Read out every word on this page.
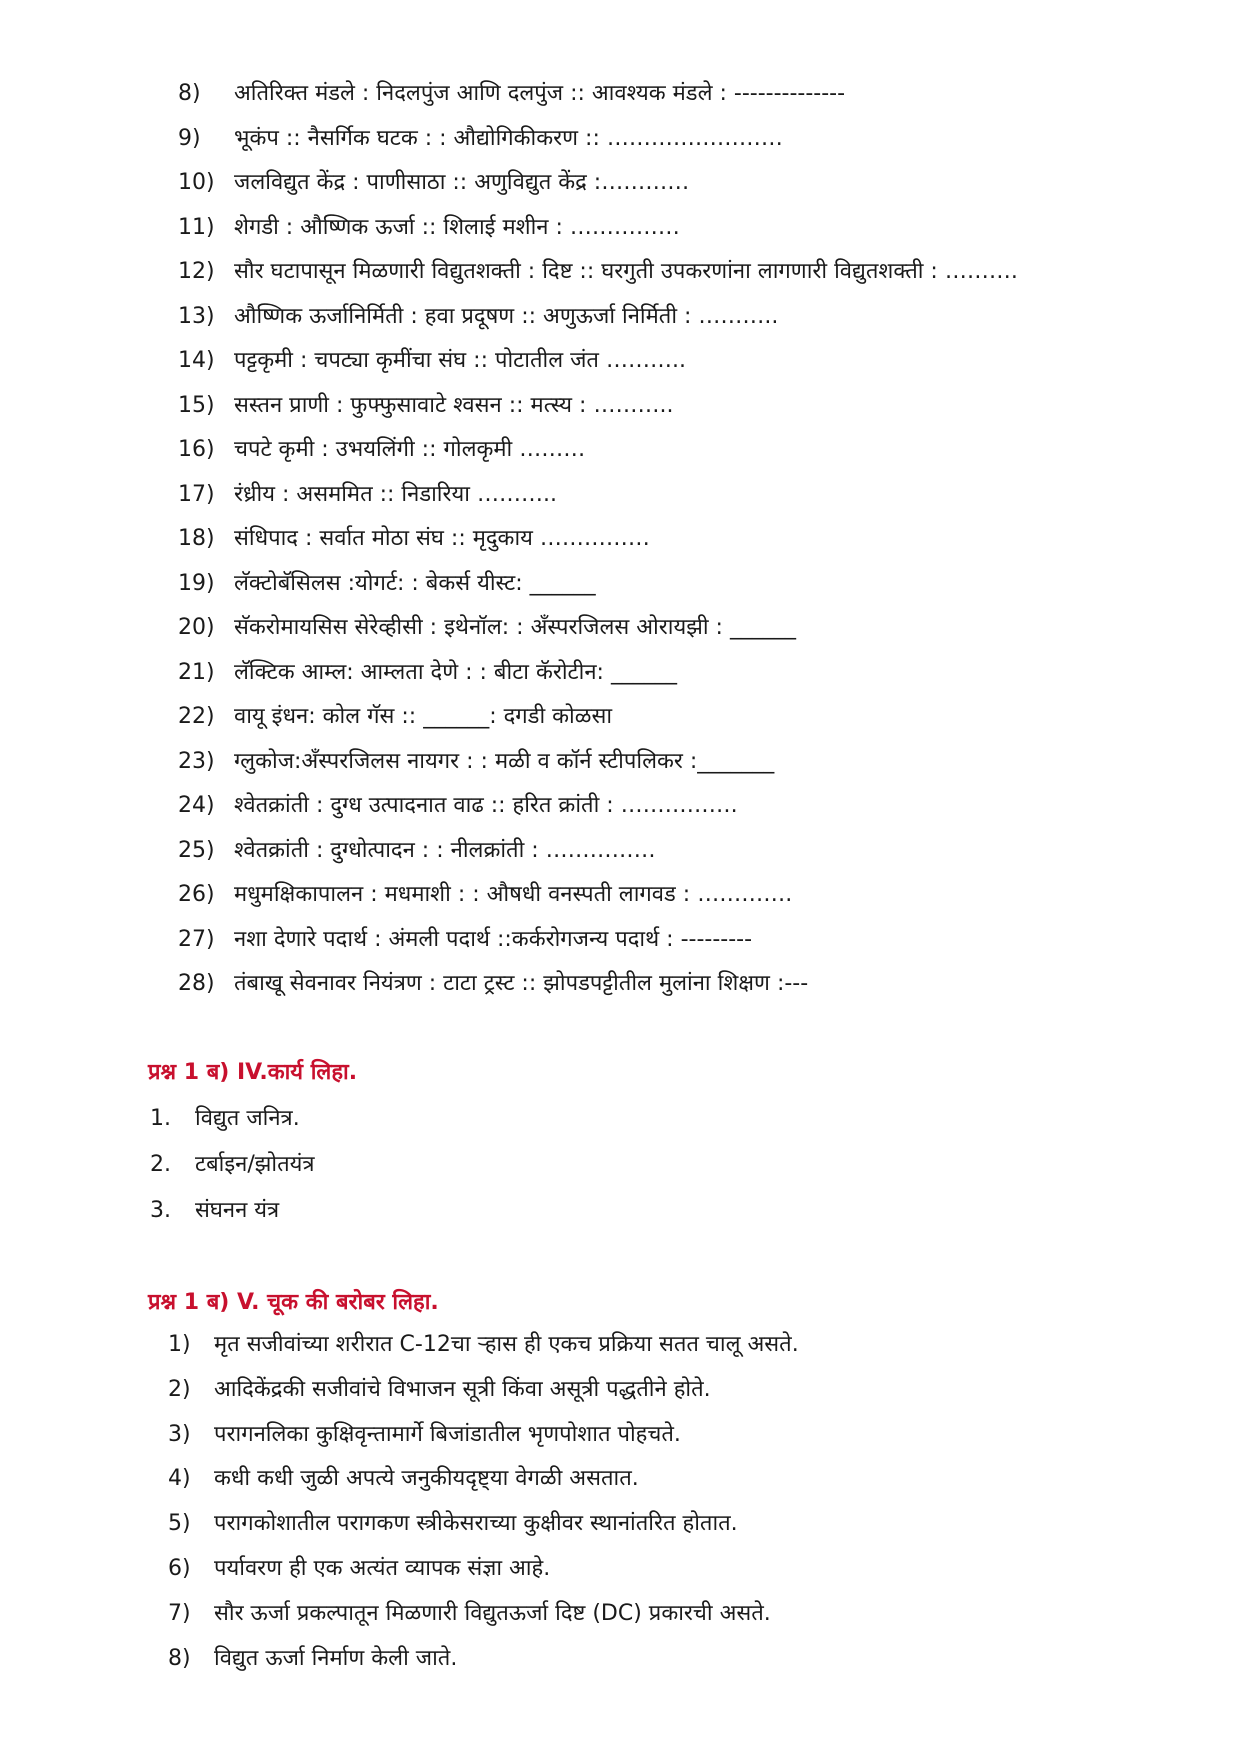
8) अतिरिक्त मंडले : निदलपुंज आणि दलपुंज :: आवश्यक मंडले : --------------
9) भूकंप :: नैसर्गिक घटक : : औद्योगिकीकरण :: ……………………
10) जलविद्युत केंद्र : पाणीसाठा :: अणुविद्युत केंद्र :…………
11) शेगडी : औष्णिक ऊर्जा :: शिलाई मशीन : ……………
12) सौर घटापासून मिळणारी विद्युतशक्ती : दिष्ट :: घरगुती उपकरणांना लागणारी विद्युतशक्ती : ……….
13) औष्णिक ऊर्जानिर्मिती : हवा प्रदूषण :: अणुऊर्जा निर्मिती : ………..
14) पट्टकृमी : चपट्या कृमींचा संघ :: पोटातील जंत ………..
15) सस्तन प्राणी : फुफ्फुसावाटे श्वसन :: मत्स्य : ………..
16) चपटे कृमी : उभयलिंगी :: गोलकृमी ………
17) रंध्रीय : असममित :: निडारिया ………..
18) संधिपाद : सर्वात मोठा संघ :: मृदुकाय ……………
19) लॅक्टोबॅसिलस :योगर्ट: : बेकर्स यीस्ट: ______
20) सॅकरोमायसिस सेरेव्हीसी : इथेनॉल: : अँस्परजिलस ओरायझी : ______
21) लॅक्टिक आम्ल: आम्लता देणे : : बीटा कॅरोटीन: ______
22) वायू इंधन: कोल गॅस :: ______: दगडी कोळसा
23) ग्लुकोज:अँस्परजिलस नायगर : : मळी व कॉर्न स्टीपलिकर :_______
24) श्वेतक्रांती : दुग्ध उत्पादनात वाढ :: हरित क्रांती : …………….
25) श्वेतक्रांती : दुग्धोत्पादन : : नीलक्रांती : ……………
26) मधुमक्षिकापालन : मधमाशी : : औषधी वनस्पती लागवड : ………….
27) नशा देणारे पदार्थ : अंमली पदार्थ ::कर्करोगजन्य पदार्थ : ---------
28) तंबाखू सेवनावर नियंत्रण : टाटा ट्रस्ट :: झोपडपट्टीतील मुलांना शिक्षण :---
प्रश्न 1 ब) IV.कार्य लिहा.
1. विद्युत जनित्र.
2. टर्बाइन/झोतयंत्र
3. संघनन यंत्र
प्रश्न 1 ब) V. चूक की बरोबर लिहा.
1) मृत सजीवांच्या शरीरात C-12चा ऱ्हास ही एकच प्रक्रिया सतत चालू असते.
2) आदिकेंद्रकी सजीवांचे विभाजन सूत्री किंवा असूत्री पद्धतीने होते.
3) परागनलिका कुक्षिवृन्तामार्गे बिजांडातील भृणपोशात पोहचते.
4) कधी कधी जुळी अपत्ये जनुकीयदृष्ट्या वेगळी असतात.
5) परागकोशातील परागकण स्त्रीकेसराच्या कुक्षीवर स्थानांतरित होतात.
6) पर्यावरण ही एक अत्यंत व्यापक संज्ञा आहे.
7) सौर ऊर्जा प्रकल्पातून मिळणारी विद्युतऊर्जा दिष्ट (DC) प्रकारची असते.
8) विद्युत ऊर्जा निर्माण केली जाते.
